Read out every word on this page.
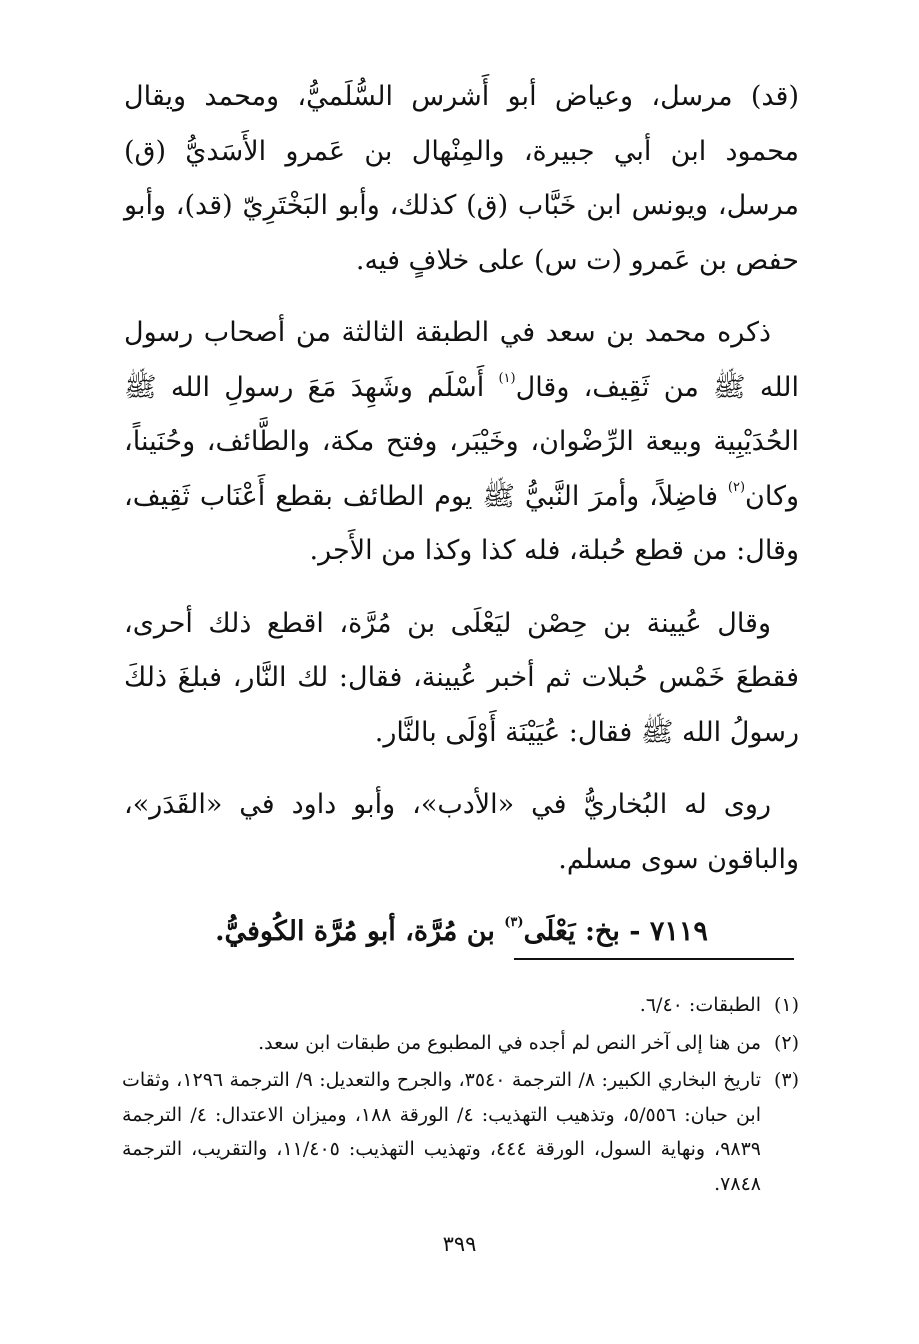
(قد) مرسل، وعياض أبو أَشرس السُّلَميُّ، ومحمد ويقال محمود ابن أبي جبيرة، والمِنْهال بن عَمرو الأَسَديُّ (ق) مرسل، ويونس ابن خَبَّاب (ق) كذلك، وأبو البَخْتَرِيّ (قد)، وأبو حفص بن عَمرو (ت س) على خلافٍ فيه.

ذكره محمد بن سعد في الطبقة الثالثة من أصحاب رسول الله ﷺ من ثَقِيف، وقال$^{(١)}$ أَسْلَم وشَهِدَ مَعَ رسولِ الله ﷺ الحُدَيْبِية وبيعة الرِّضْوان، وخَيْبَر، وفتح مكة، والطَّائف، وحُنَيناً، وكان$^{(٢)}$ فاضِلاً، وأمرَ النَّبيُّ ﷺ يوم الطائف بقطع أَعْنَاب ثَقِيف، وقال: من قطع حُبلة، فله كذا وكذا من الأَجر.

وقال عُيينة بن حِصْن ليَعْلَى بن مُرَّة، اقطع ذلك أحرى، فقطعَ خَمْس حُبلات ثم أخبر عُيينة، فقال: لك النَّار، فبلغَ ذلكَ رسولُ الله ﷺ فقال: عُيَيْنَة أَوْلَى بالنَّار.

روى له البُخاريُّ في «الأدب»، وأبو داود في «القَدَر»، والباقون سوى مسلم.

٧١١٩ - بخ: يَعْلَى$^{(٣)}$ بن مُرَّة، أبو مُرَّة الكُوفيُّ.

(١)
الطبقات: ٦/٤٠.
(٢)
من هنا إلى آخر النص لم أجده في المطبوع من طبقات ابن سعد.
(٣)
تاريخ البخاري الكبير: ٨/ الترجمة ٣٥٤٠، والجرح والتعديل: ٩/ الترجمة ١٢٩٦، وثقات ابن حبان: ٥/٥٥٦، وتذهيب التهذيب: ٤/ الورقة ١٨٨، وميزان الاعتدال: ٤/ الترجمة ٩٨٣٩، ونهاية السول، الورقة ٤٤٤، وتهذيب التهذيب: ١١/٤٠٥، والتقريب، الترجمة ٧٨٤٨.
٣٩٩
